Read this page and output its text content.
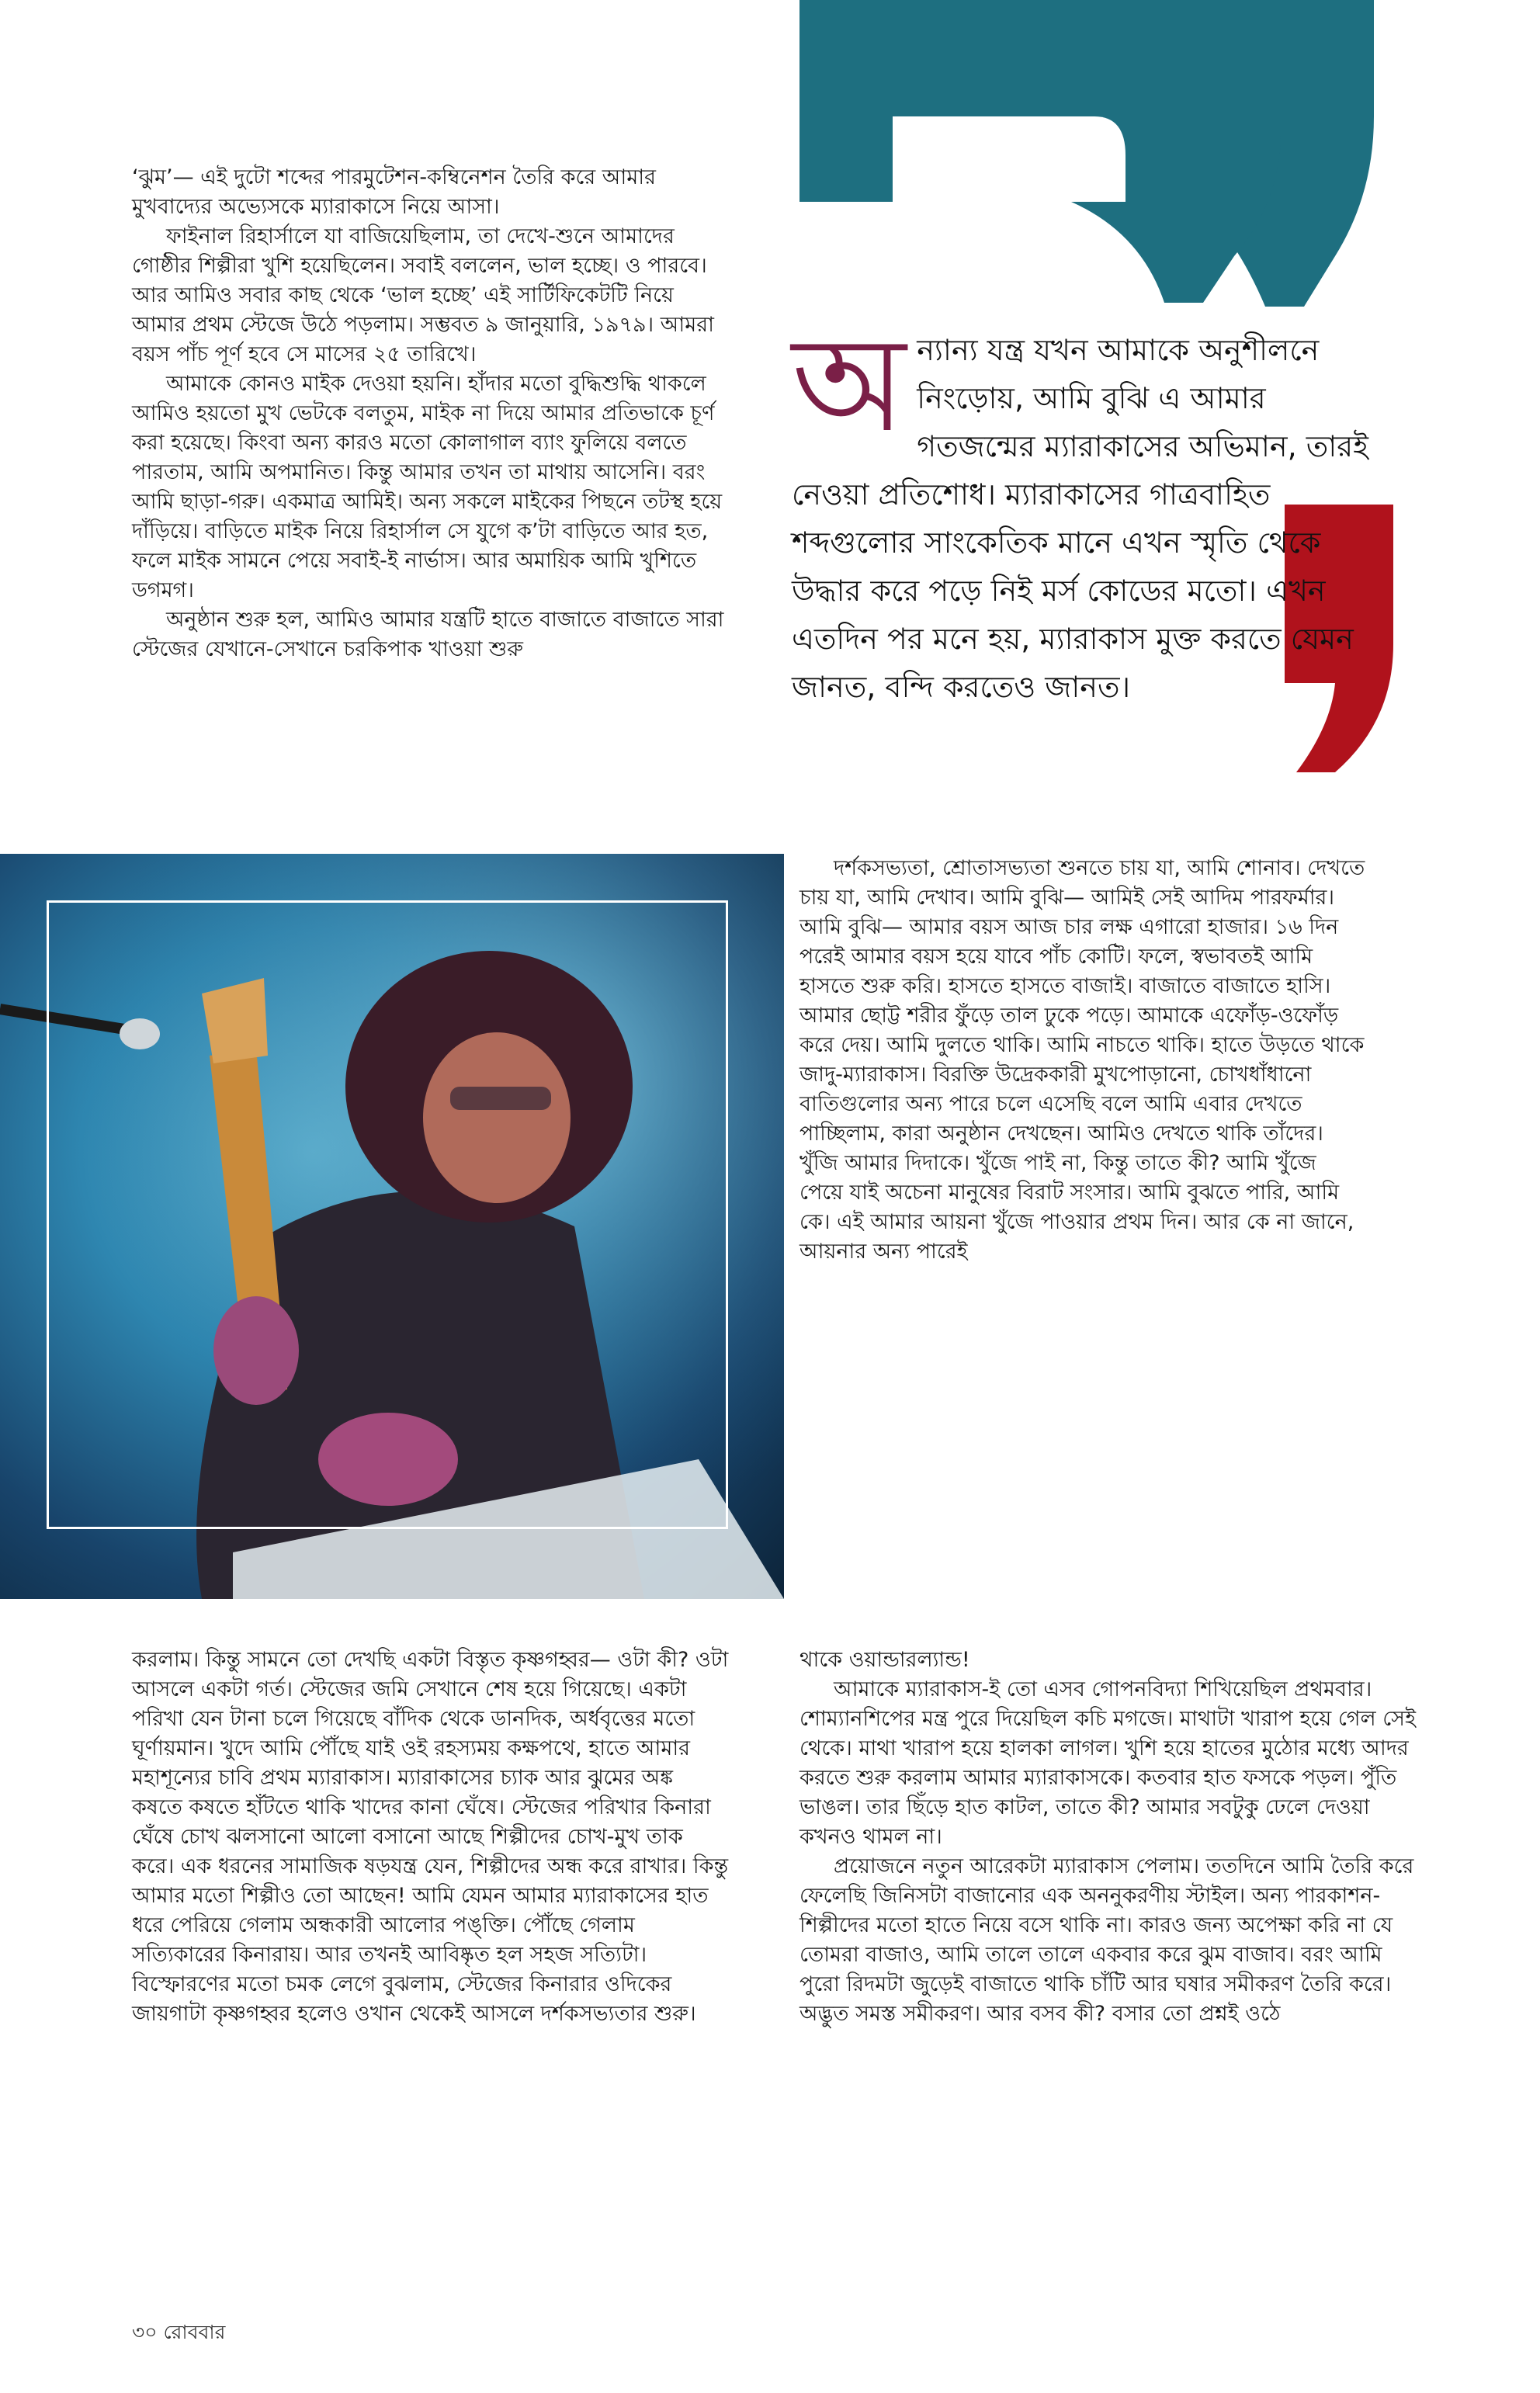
‘ঝুম’— এই দুটো শব্দের পারমুটেশন-কম্বিনেশন তৈরি করে আমার মুখবাদ্যের অভ্যেসকে ম্যারাকাসে নিয়ে আসা।

ফাইনাল রিহার্সালে যা বাজিয়েছিলাম, তা দেখে-শুনে আমাদের গোষ্ঠীর শিল্পীরা খুশি হয়েছিলেন। সবাই বললেন, ভাল হচ্ছে। ও পারবে। আর আমিও সবার কাছ থেকে ‘ভাল হচ্ছে’ এই সার্টিফিকেটটি নিয়ে আমার প্রথম স্টেজে উঠে পড়লাম। সম্ভবত ৯ জানুয়ারি, ১৯৭৯। আমরা বয়স পাঁচ পূর্ণ হবে সে মাসের ২৫ তারিখে।

আমাকে কোনও মাইক দেওয়া হয়নি। হাঁদার মতো বুদ্ধিশুদ্ধি থাকলে আমিও হয়তো মুখ ভেটকে বলতুম, মাইক না দিয়ে আমার প্রতিভাকে চূর্ণ করা হয়েছে। কিংবা অন্য কারও মতো কোলাগাল ব্যাং ফুলিয়ে বলতে পারতাম, আমি অপমানিত। কিন্তু আমার তখন তা মাথায় আসেনি। বরং আমি ছাড়া-গরু। একমাত্র আমিই। অন্য সকলে মাইকের পিছনে তটস্থ হয়ে দাঁড়িয়ে। বাড়িতে মাইক নিয়ে রিহার্সাল সে যুগে ক’টা বাড়িতে আর হত, ফলে মাইক সামনে পেয়ে সবাই-ই নার্ভাস। আর অমায়িক আমি খুশিতে ডগমগ।

অনুষ্ঠান শুরু হল, আমিও আমার যন্ত্রটি হাতে বাজাতে বাজাতে সারা স্টেজের যেখানে-সেখানে চরকিপাক খাওয়া শুরু

অ ন্যান্য যন্ত্র যখন আমাকে অনুশীলনে নিংড়োয়, আমি বুঝি এ আমার গতজন্মের ম্যারাকাসের অভিমান, তারই নেওয়া প্রতিশোধ। ম্যারাকাসের গাত্রবাহিত শব্দগুলোর সাংকেতিক মানে এখন স্মৃতি থেকে উদ্ধার করে পড়ে নিই মর্স কোডের মতো। এখন এতদিন পর মনে হয়, ম্যারাকাস মুক্ত করতে যেমন জানত, বন্দি করতেও জানত।

দর্শকসভ্যতা, শ্রোতাসভ্যতা শুনতে চায় যা, আমি শোনাব। দেখতে চায় যা, আমি দেখাব। আমি বুঝি— আমিই সেই আদিম পারফর্মার। আমি বুঝি— আমার বয়স আজ চার লক্ষ এগারো হাজার। ১৬ দিন পরেই আমার বয়স হয়ে যাবে পাঁচ কোটি। ফলে, স্বভাবতই আমি হাসতে শুরু করি। হাসতে হাসতে বাজাই। বাজাতে বাজাতে হাসি। আমার ছোট্ট শরীর ফুঁড়ে তাল ঢুকে পড়ে। আমাকে এফোঁড়-ওফোঁড় করে দেয়। আমি দুলতে থাকি। আমি নাচতে থাকি। হাতে উড়তে থাকে জাদু-ম্যারাকাস। বিরক্তি উদ্রেককারী মুখপোড়ানো, চোখধাঁধানো বাতিগুলোর অন্য পারে চলে এসেছি বলে আমি এবার দেখতে পাচ্ছিলাম, কারা অনুষ্ঠান দেখছেন। আমিও দেখতে থাকি তাঁদের। খুঁজি আমার দিদাকে। খুঁজে পাই না, কিন্তু তাতে কী? আমি খুঁজে পেয়ে যাই অচেনা মানুষের বিরাট সংসার। আমি বুঝতে পারি, আমি কে। এই আমার আয়না খুঁজে পাওয়ার প্রথম দিন। আর কে না জানে, আয়নার অন্য পারেই

করলাম। কিন্তু সামনে তো দেখছি একটা বিস্তৃত কৃষ্ণগহ্বর— ওটা কী? ওটা আসলে একটা গর্ত। স্টেজের জমি সেখানে শেষ হয়ে গিয়েছে। একটা পরিখা যেন টানা চলে গিয়েছে বাঁদিক থেকে ডানদিক, অর্ধবৃত্তের মতো ঘূর্ণায়মান। খুদে আমি পৌঁছে যাই ওই রহস্যময় কক্ষপথে, হাতে আমার মহাশূন্যের চাবি প্রথম ম্যারাকাস। ম্যারাকাসের চ্যাক আর ঝুমের অঙ্ক কষতে কষতে হাঁটতে থাকি খাদের কানা ঘেঁষে। স্টেজের পরিখার কিনারা ঘেঁষে চোখ ঝলসানো আলো বসানো আছে শিল্পীদের চোখ-মুখ তাক করে। এক ধরনের সামাজিক ষড়যন্ত্র যেন, শিল্পীদের অন্ধ করে রাখার। কিন্তু আমার মতো শিল্পীও তো আছেন! আমি যেমন আমার ম্যারাকাসের হাত ধরে পেরিয়ে গেলাম অন্ধকারী আলোর পঙ্‌ক্তি। পৌঁছে গেলাম সত্যিকারের কিনারায়। আর তখনই আবিষ্কৃত হল সহজ সত্যিটা। বিস্ফোরণের মতো চমক লেগে বুঝলাম, স্টেজের কিনারার ওদিকের জায়গাটা কৃষ্ণগহ্বর হলেও ওখান থেকেই আসলে দর্শকসভ্যতার শুরু।

থাকে ওয়ান্ডারল্যান্ড!

আমাকে ম্যারাকাস-ই তো এসব গোপনবিদ্যা শিখিয়েছিল প্রথমবার। শোম্যানশিপের মন্ত্র পুরে দিয়েছিল কচি মগজে। মাথাটা খারাপ হয়ে গেল সেই থেকে। মাথা খারাপ হয়ে হালকা লাগল। খুশি হয়ে হাতের মুঠোর মধ্যে আদর করতে শুরু করলাম আমার ম্যারাকাসকে। কতবার হাত ফসকে পড়ল। পুঁতি ভাঙল। তার ছিঁড়ে হাত কাটল, তাতে কী? আমার সবটুকু ঢেলে দেওয়া কখনও থামল না।

প্রয়োজনে নতুন আরেকটা ম্যারাকাস পেলাম। ততদিনে আমি তৈরি করে ফেলেছি জিনিসটা বাজানোর এক অননুকরণীয় স্টাইল। অন্য পারকাশন-শিল্পীদের মতো হাতে নিয়ে বসে থাকি না। কারও জন্য অপেক্ষা করি না যে তোমরা বাজাও, আমি তালে তালে একবার করে ঝুম বাজাব। বরং আমি পুরো রিদমটা জুড়েই বাজাতে থাকি চাঁটি আর ঘষার সমীকরণ তৈরি করে। অদ্ভুত সমস্ত সমীকরণ। আর বসব কী? বসার তো প্রশ্নই ওঠে

৩০ রোববার
